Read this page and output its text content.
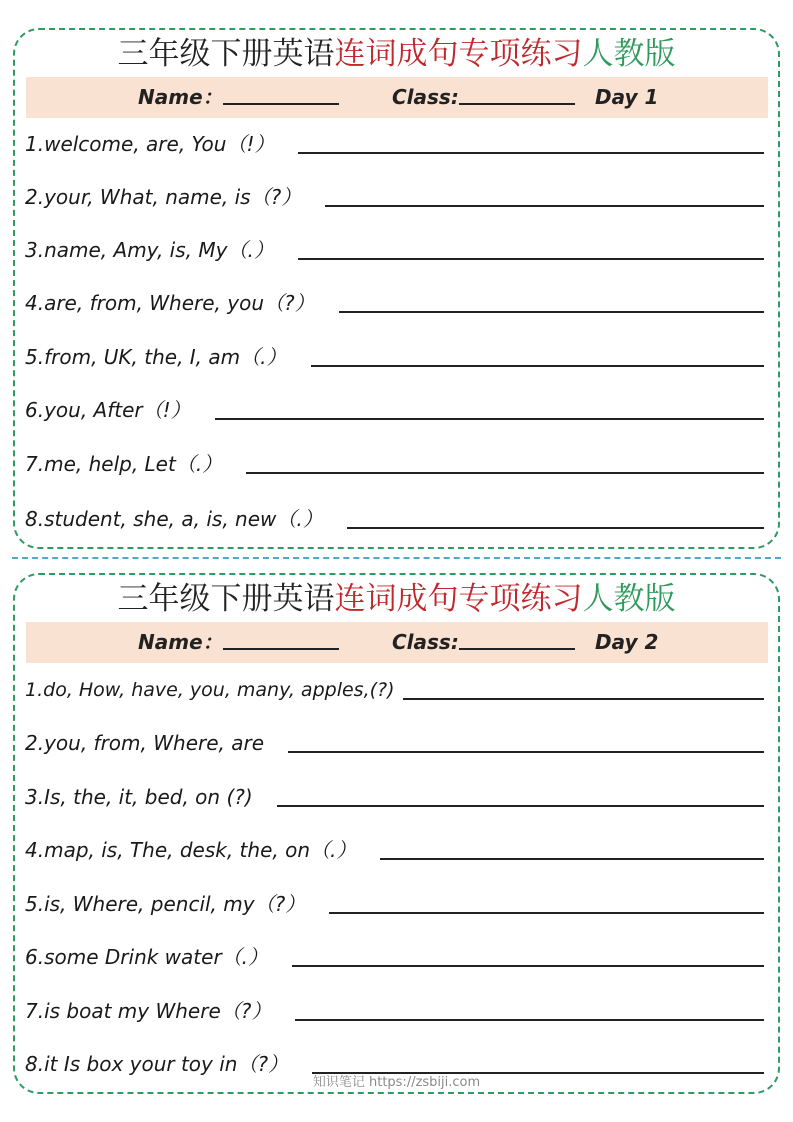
三年级下册英语连词成句专项练习人教版
Name：	Class:	Day 1
1.welcome, are, You（!）
2.your, What, name, is（?）
3.name, Amy, is, My（.）
4.are, from, Where, you（?）
5.from, UK, the, I, am（.）
6.you, After（!）
7.me, help, Let（.）
8.student, she, a, is, new（.）
三年级下册英语连词成句专项练习人教版
Name：	Class:	Day 2
1.do, How, have, you, many, apples,(?)
2.you, from, Where, are
3.Is, the, it, bed, on (?)
4.map, is, The, desk, the, on（.）
5.is, Where, pencil, my（?）
6.some Drink water（.）
7.is boat my Where（?）
8.it Is box your toy in（?）
知识笔记 https://zsbiji.com
